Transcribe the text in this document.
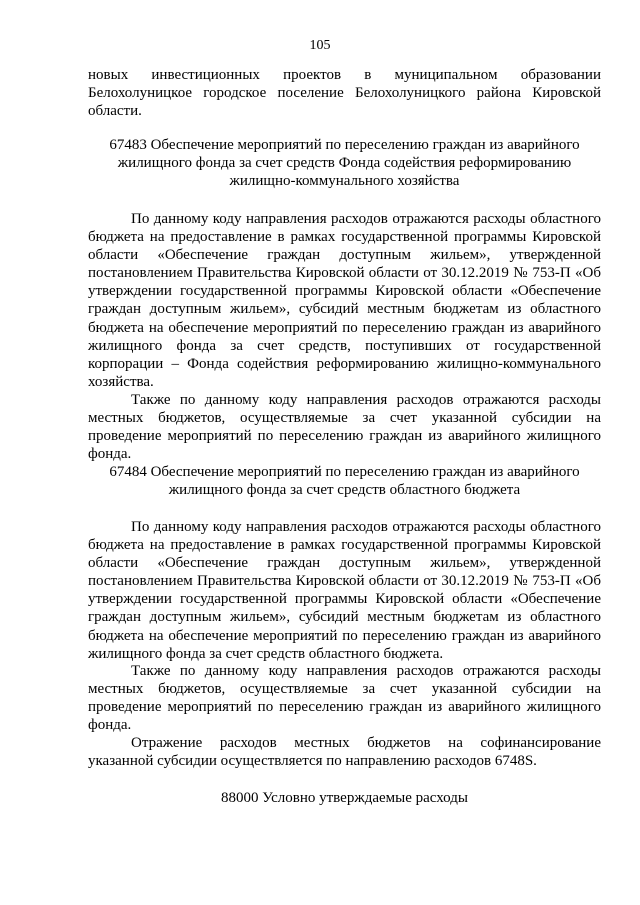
105
новых инвестиционных проектов в муниципальном образовании
Белохолуницкое городское поселение Белохолуницкого района Кировской
области.
67483 Обеспечение мероприятий по переселению граждан из аварийного
жилищного фонда за счет средств Фонда содействия реформированию
жилищно-коммунального хозяйства
По данному коду направления расходов отражаются расходы областного
бюджета на предоставление в рамках государственной программы Кировской
области «Обеспечение граждан доступным жильем», утвержденной
постановлением Правительства Кировской области от 30.12.2019 № 753-П «Об
утверждении государственной программы Кировской области «Обеспечение
граждан доступным жильем», субсидий местным бюджетам из областного
бюджета на обеспечение мероприятий по переселению граждан из аварийного
жилищного фонда за счет средств, поступивших от государственной
корпорации – Фонда содействия реформированию жилищно-коммунального
хозяйства.
Также по данному коду направления расходов отражаются расходы
местных бюджетов, осуществляемые за счет указанной субсидии на
проведение мероприятий по переселению граждан из аварийного жилищного
фонда.
67484 Обеспечение мероприятий по переселению граждан из аварийного
жилищного фонда за счет средств областного бюджета
По данному коду направления расходов отражаются расходы областного
бюджета на предоставление в рамках государственной программы Кировской
области «Обеспечение граждан доступным жильем», утвержденной
постановлением Правительства Кировской области от 30.12.2019 № 753-П «Об
утверждении государственной программы Кировской области «Обеспечение
граждан доступным жильем», субсидий местным бюджетам из областного
бюджета на обеспечение мероприятий по переселению граждан из аварийного
жилищного фонда за счет средств областного бюджета.
Также по данному коду направления расходов отражаются расходы
местных бюджетов, осуществляемые за счет указанной субсидии на
проведение мероприятий по переселению граждан из аварийного жилищного
фонда.
Отражение расходов местных бюджетов на софинансирование
указанной субсидии осуществляется по направлению расходов 6748S.
88000 Условно утверждаемые расходы
